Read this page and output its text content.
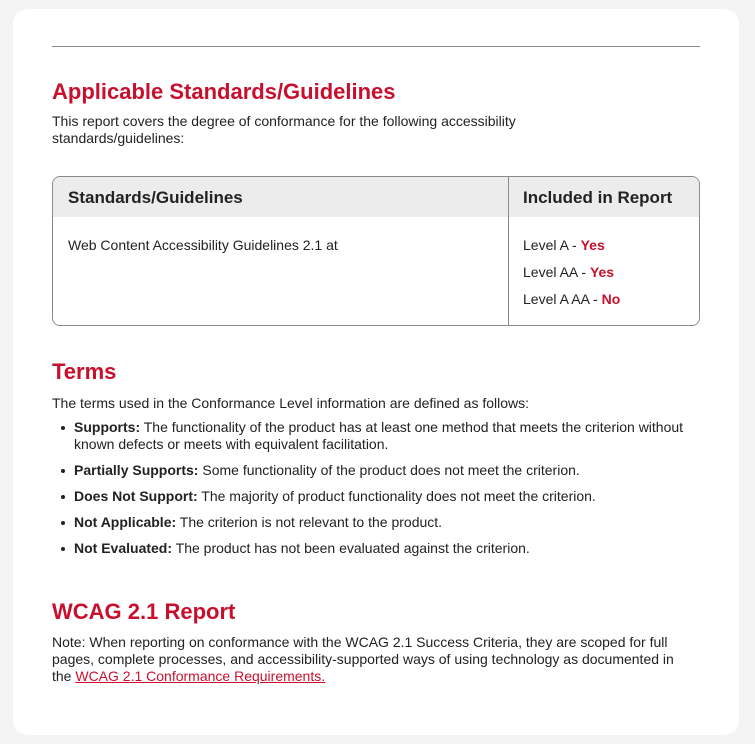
Applicable Standards/Guidelines

This report covers the degree of conformance for the following accessibility standards/guidelines:

Standards/Guidelines	Included in Report
Web Content Accessibility Guidelines 2.1 at	Level A - Yes
Level AA - Yes
Level A AA - No
Terms

The terms used in the Conformance Level information are defined as follows:

Supports: The functionality of the product has at least one method that meets the criterion without known defects or meets with equivalent facilitation.
Partially Supports: Some functionality of the product does not meet the criterion.
Does Not Support: The majority of product functionality does not meet the criterion.
Not Applicable: The criterion is not relevant to the product.
Not Evaluated: The product has not been evaluated against the criterion.
WCAG 2.1 Report

Note: When reporting on conformance with the WCAG 2.1 Success Criteria, they are scoped for full pages, complete processes, and accessibility-supported ways of using technology as documented in the WCAG 2.1 Conformance Requirements.
